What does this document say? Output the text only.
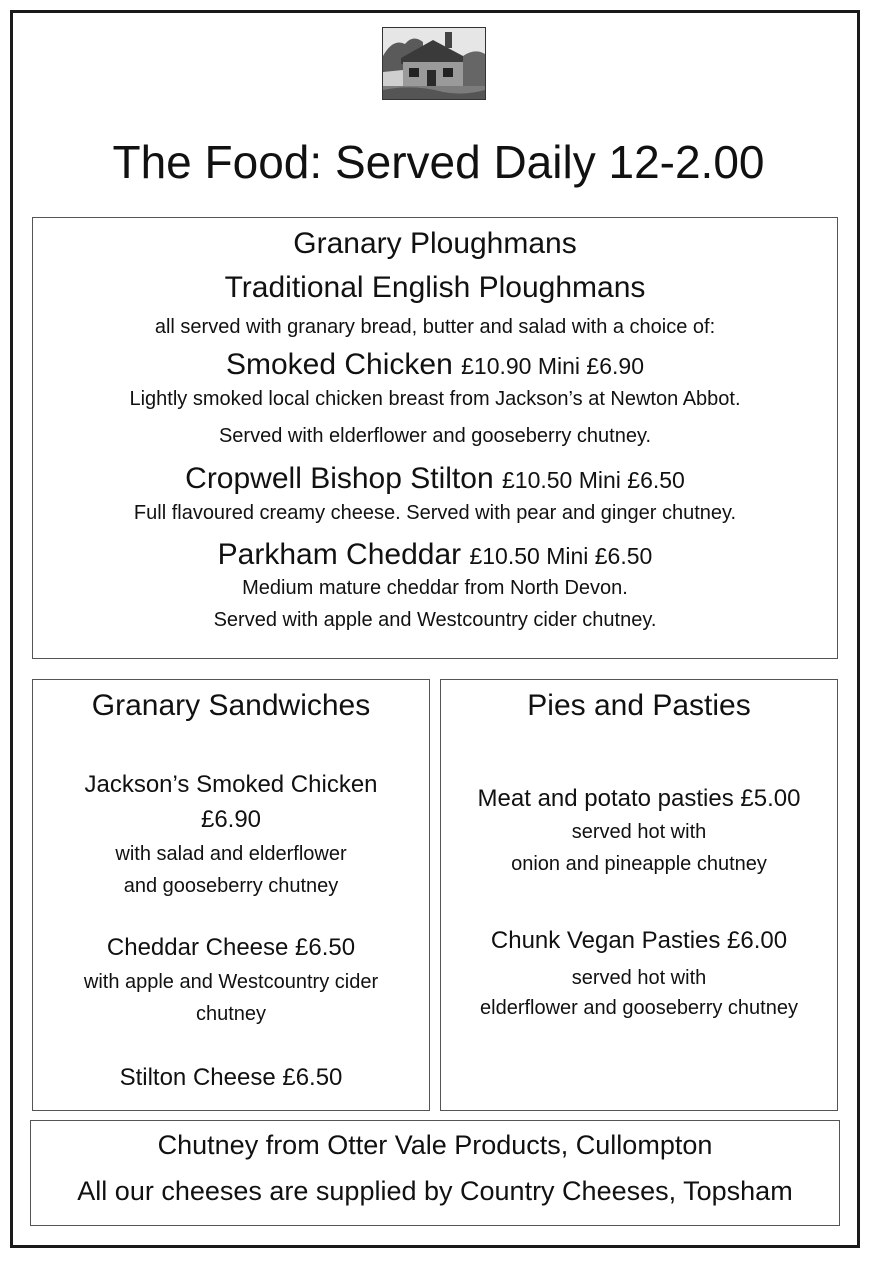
The Food: Served Daily 12-2.00
Granary Ploughmans
Traditional English Ploughmans
all served with granary bread, butter and salad with a choice of:
Smoked Chicken £10.90 Mini £6.90
Lightly smoked local chicken breast from Jackson’s at Newton Abbot.
Served with elderflower and gooseberry chutney.
Cropwell Bishop Stilton £10.50 Mini £6.50
Full flavoured creamy cheese. Served with pear and ginger chutney.
Parkham Cheddar £10.50 Mini £6.50
Medium mature cheddar from North Devon.
Served with apple and Westcountry cider chutney.
Granary Sandwiches
Jackson’s Smoked Chicken
£6.90
with salad and elderflower
and gooseberry chutney
Cheddar Cheese £6.50
with apple and Westcountry cider
chutney
Stilton Cheese £6.50
Pies and Pasties
Meat and potato pasties £5.00
served hot with
onion and pineapple chutney
Chunk Vegan Pasties £6.00
served hot with
elderflower and gooseberry chutney
Chutney from Otter Vale Products, Cullompton
All our cheeses are supplied by Country Cheeses, Topsham
